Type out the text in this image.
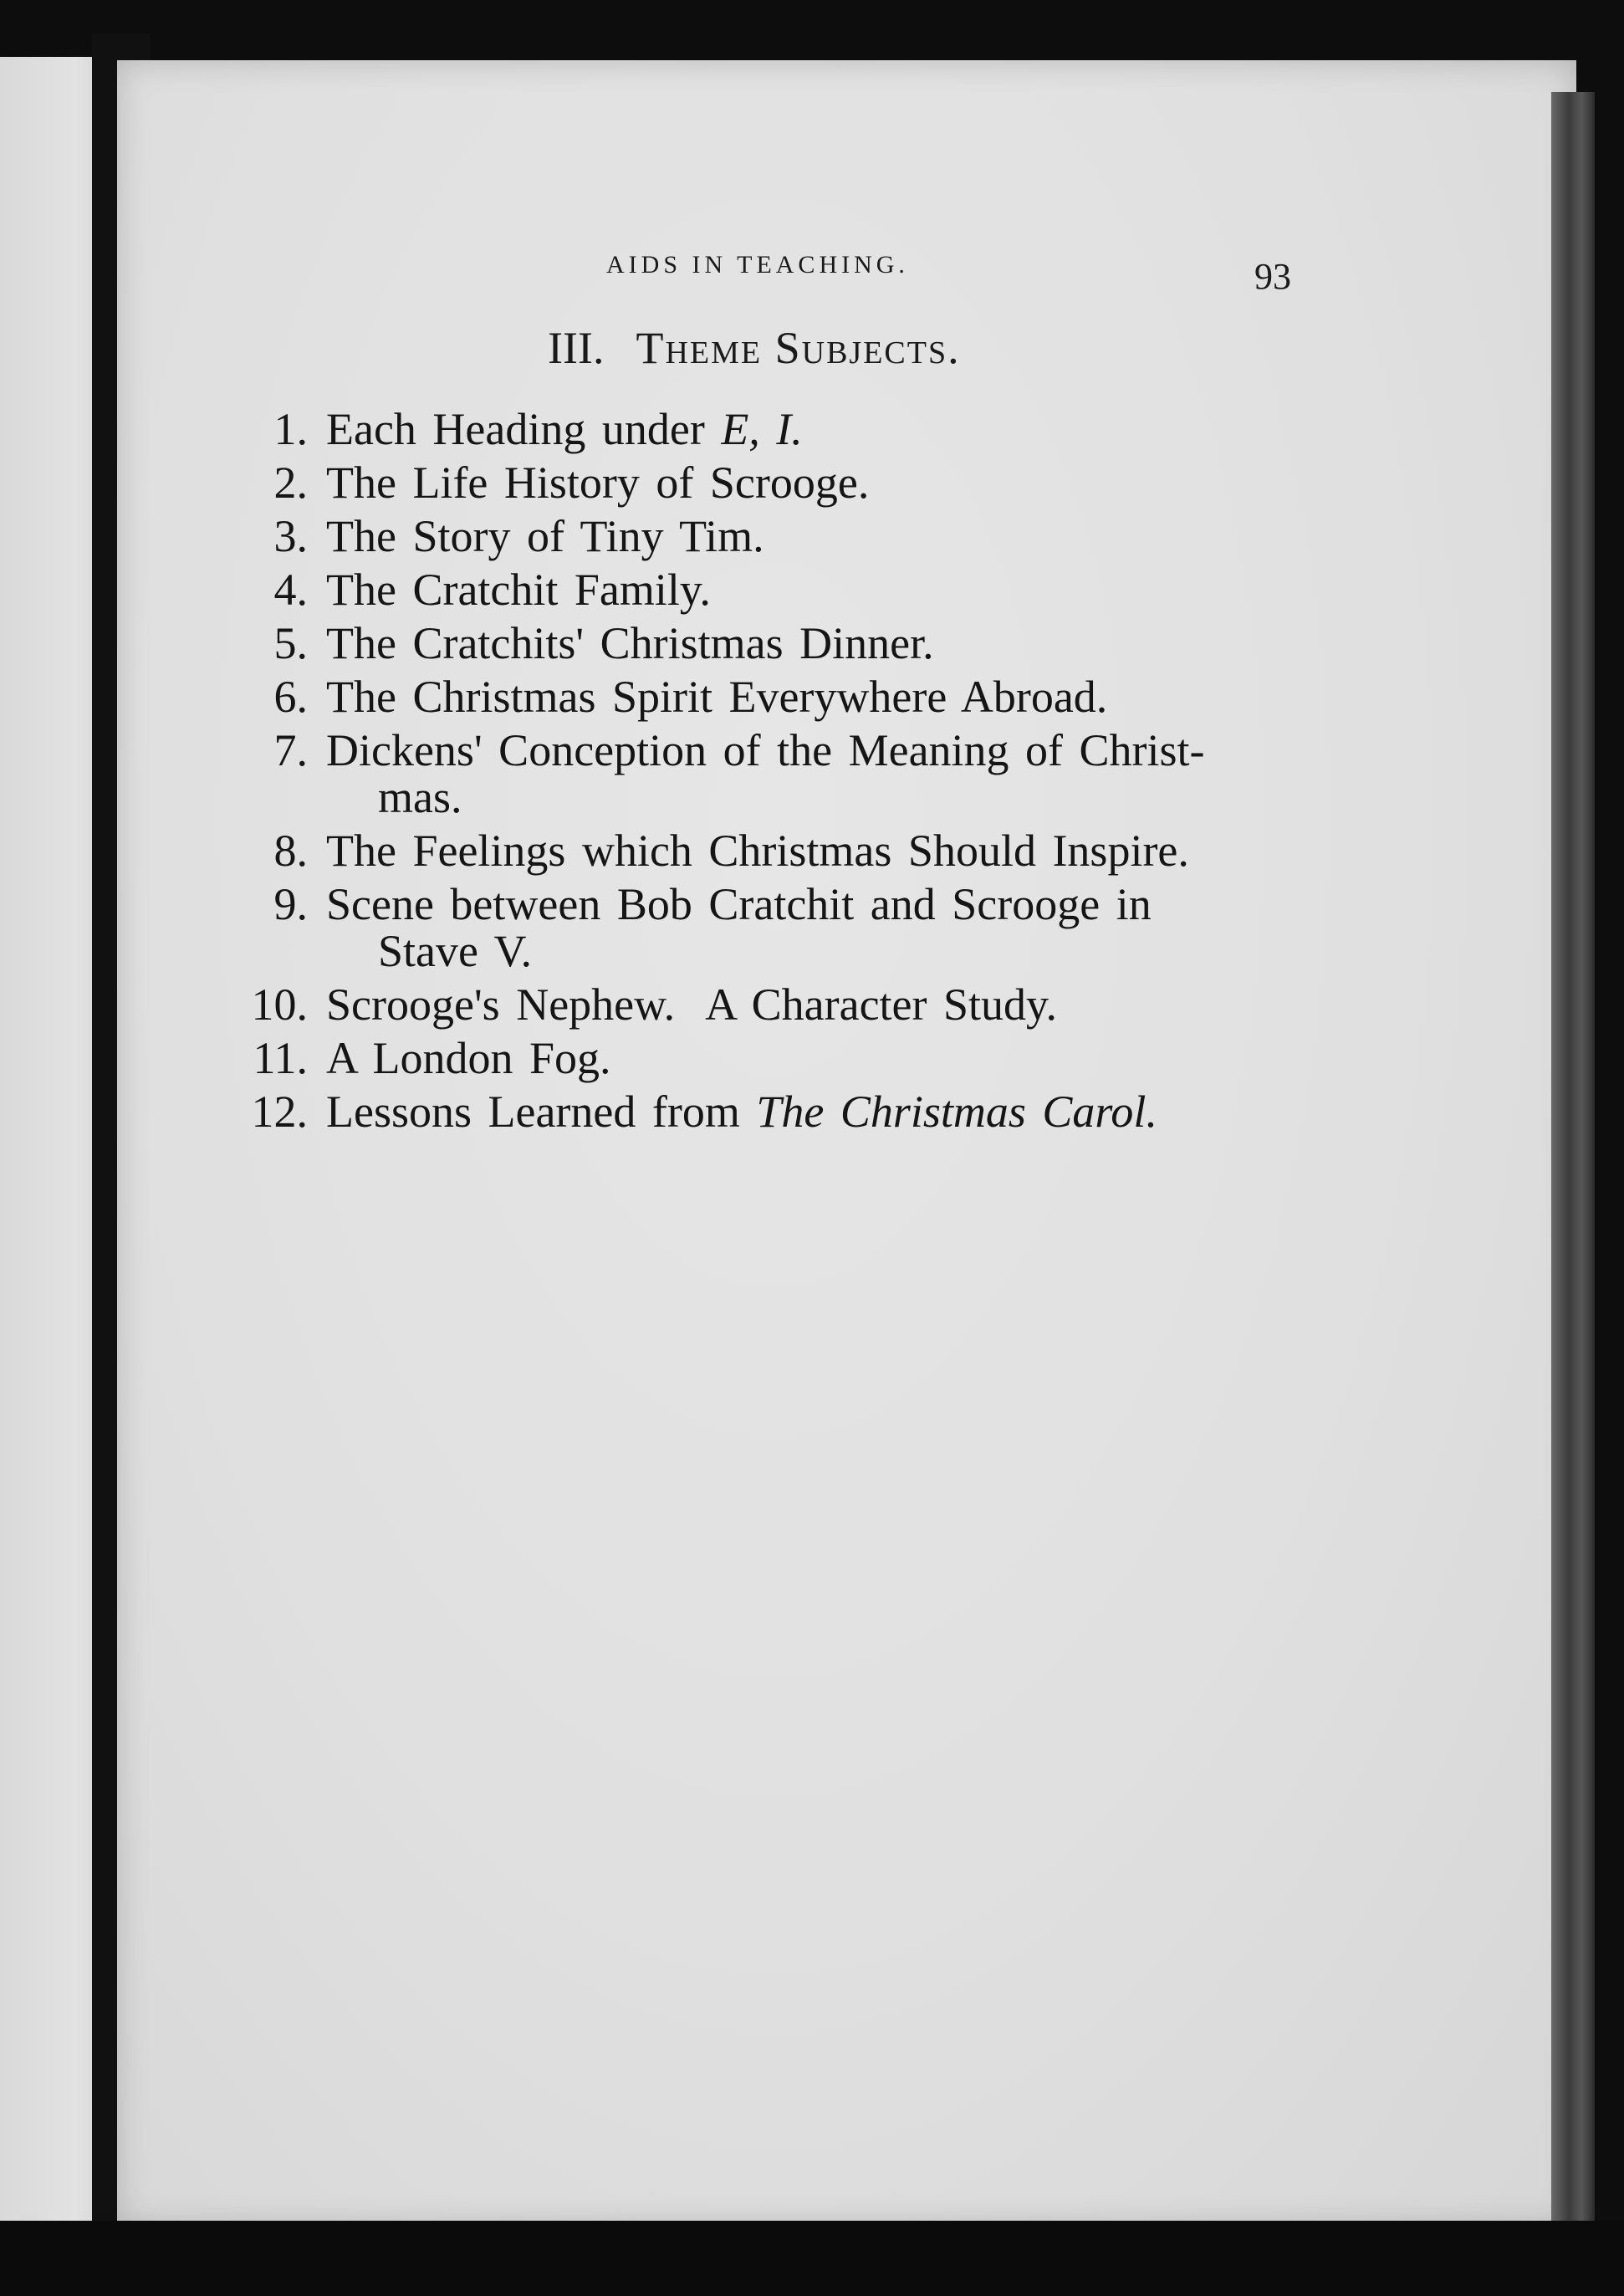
AIDS IN TEACHING.	93
III. Theme Subjects.
1. Each Heading under E, I.
2. The Life History of Scrooge.
3. The Story of Tiny Tim.
4. The Cratchit Family.
5. The Cratchits' Christmas Dinner.
6. The Christmas Spirit Everywhere Abroad.
7. Dickens' Conception of the Meaning of Christ-
mas.
8. The Feelings which Christmas Should Inspire.
9. Scene between Bob Cratchit and Scrooge in
Stave V.
10. Scrooge's Nephew.  A Character Study.
11. A London Fog.
12. Lessons Learned from The Christmas Carol.
